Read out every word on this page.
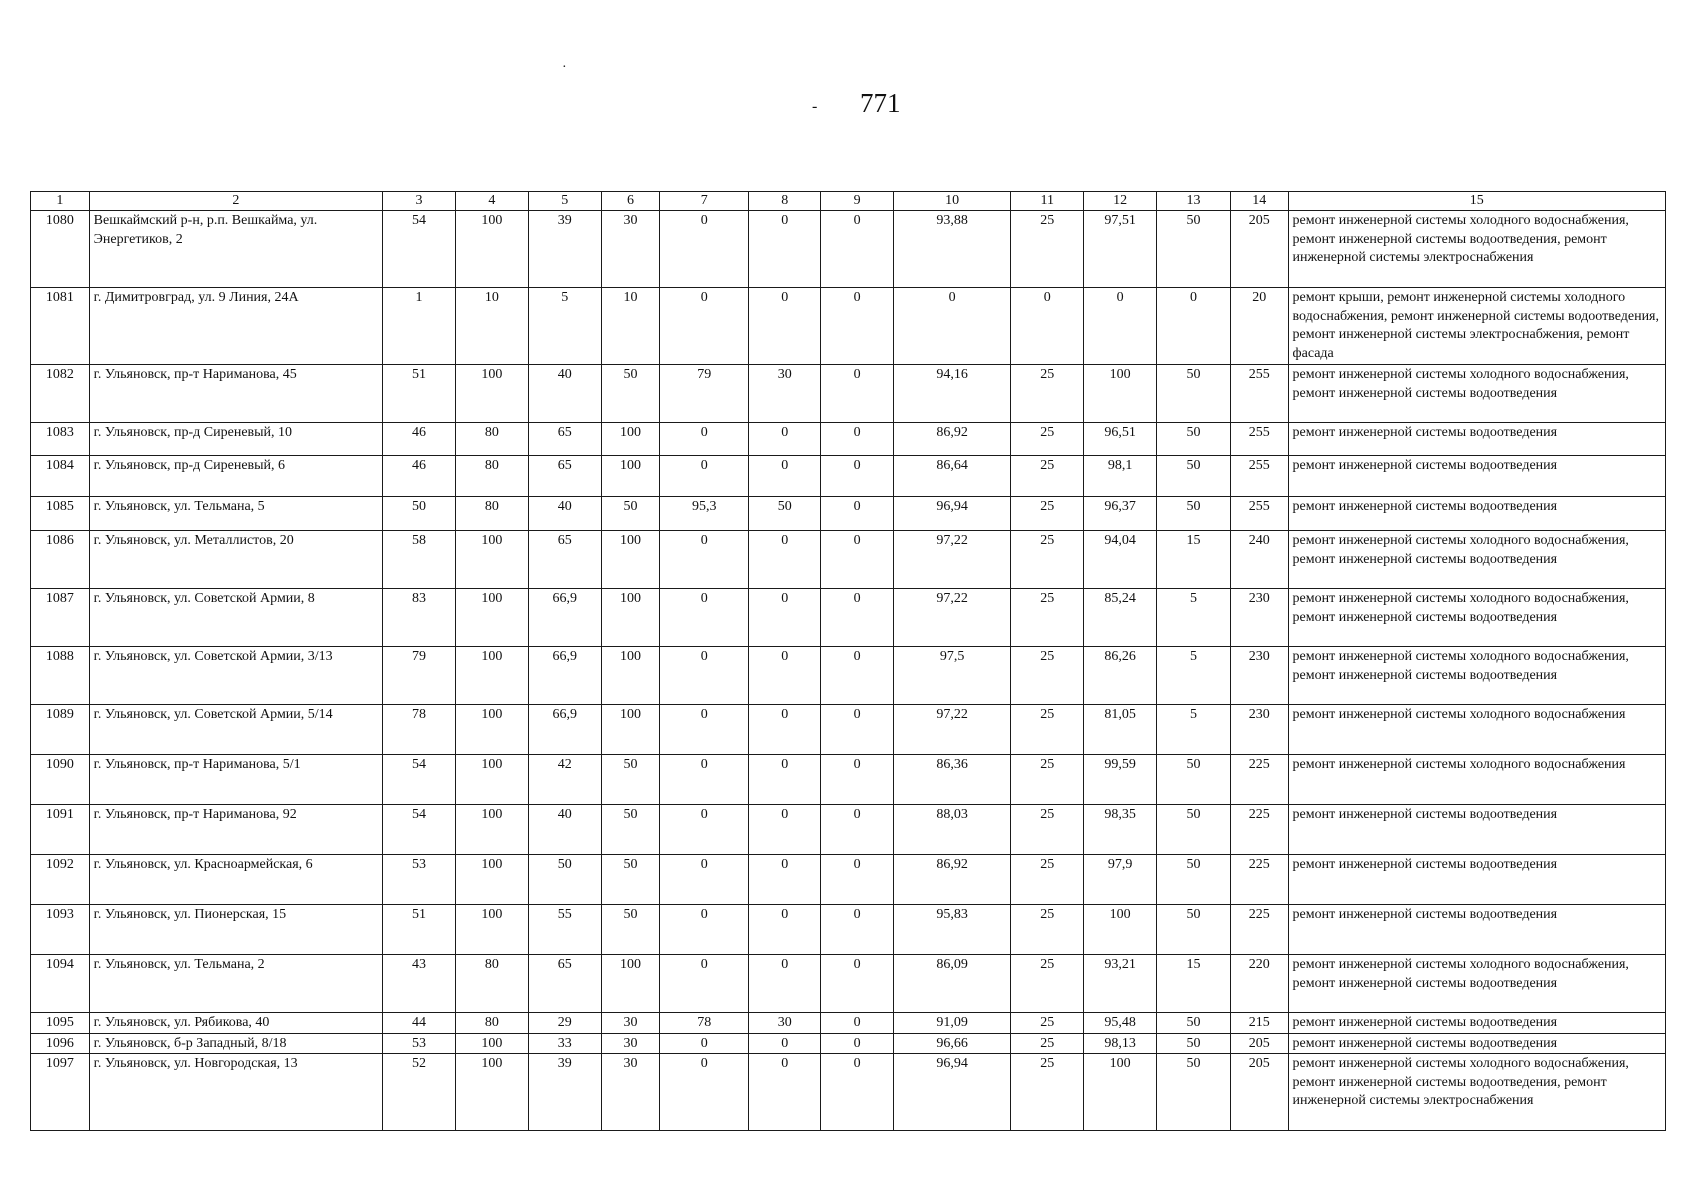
·
- 771
1	2	3	4	5	6	7	8	9	10	11	12	13	14	15
1080	Вешкаймский р-н, р.п. Вешкайма, ул. Энергетиков, 2	54	100	39	30	0	0	0	93,88	25	97,51	50	205	ремонт инженерной системы холодного водоснабжения, ремонт инженерной системы водоотведения, ремонт инженерной системы электроснабжения
1081	г. Димитровград, ул. 9 Линия, 24А	1	10	5	10	0	0	0	0	0	0	0	20	ремонт крыши, ремонт инженерной системы холодного водоснабжения, ремонт инженерной системы водоотведения, ремонт инженерной системы электроснабжения, ремонт фасада
1082	г. Ульяновск, пр-т Нариманова, 45	51	100	40	50	79	30	0	94,16	25	100	50	255	ремонт инженерной системы холодного водоснабжения, ремонт инженерной системы водоотведения
1083	г. Ульяновск, пр-д Сиреневый, 10	46	80	65	100	0	0	0	86,92	25	96,51	50	255	ремонт инженерной системы водоотведения
1084	г. Ульяновск, пр-д Сиреневый, 6	46	80	65	100	0	0	0	86,64	25	98,1	50	255	ремонт инженерной системы водоотведения
1085	г. Ульяновск, ул. Тельмана, 5	50	80	40	50	95,3	50	0	96,94	25	96,37	50	255	ремонт инженерной системы водоотведения
1086	г. Ульяновск, ул. Металлистов, 20	58	100	65	100	0	0	0	97,22	25	94,04	15	240	ремонт инженерной системы холодного водоснабжения, ремонт инженерной системы водоотведения
1087	г. Ульяновск, ул. Советской Армии, 8	83	100	66,9	100	0	0	0	97,22	25	85,24	5	230	ремонт инженерной системы холодного водоснабжения, ремонт инженерной системы водоотведения
1088	г. Ульяновск, ул. Советской Армии, 3/13	79	100	66,9	100	0	0	0	97,5	25	86,26	5	230	ремонт инженерной системы холодного водоснабжения, ремонт инженерной системы водоотведения
1089	г. Ульяновск, ул. Советской Армии, 5/14	78	100	66,9	100	0	0	0	97,22	25	81,05	5	230	ремонт инженерной системы холодного водоснабжения
1090	г. Ульяновск, пр-т Нариманова, 5/1	54	100	42	50	0	0	0	86,36	25	99,59	50	225	ремонт инженерной системы холодного водоснабжения
1091	г. Ульяновск, пр-т Нариманова, 92	54	100	40	50	0	0	0	88,03	25	98,35	50	225	ремонт инженерной системы водоотведения
1092	г. Ульяновск, ул. Красноармейская, 6	53	100	50	50	0	0	0	86,92	25	97,9	50	225	ремонт инженерной системы водоотведения
1093	г. Ульяновск, ул. Пионерская, 15	51	100	55	50	0	0	0	95,83	25	100	50	225	ремонт инженерной системы водоотведения
1094	г. Ульяновск, ул. Тельмана, 2	43	80	65	100	0	0	0	86,09	25	93,21	15	220	ремонт инженерной системы холодного водоснабжения, ремонт инженерной системы водоотведения
1095	г. Ульяновск, ул. Рябикова, 40	44	80	29	30	78	30	0	91,09	25	95,48	50	215	ремонт инженерной системы водоотведения
1096	г. Ульяновск, б-р Западный, 8/18	53	100	33	30	0	0	0	96,66	25	98,13	50	205	ремонт инженерной системы водоотведения
1097	г. Ульяновск, ул. Новгородская, 13	52	100	39	30	0	0	0	96,94	25	100	50	205	ремонт инженерной системы холодного водоснабжения, ремонт инженерной системы водоотведения, ремонт инженерной системы электроснабжения
